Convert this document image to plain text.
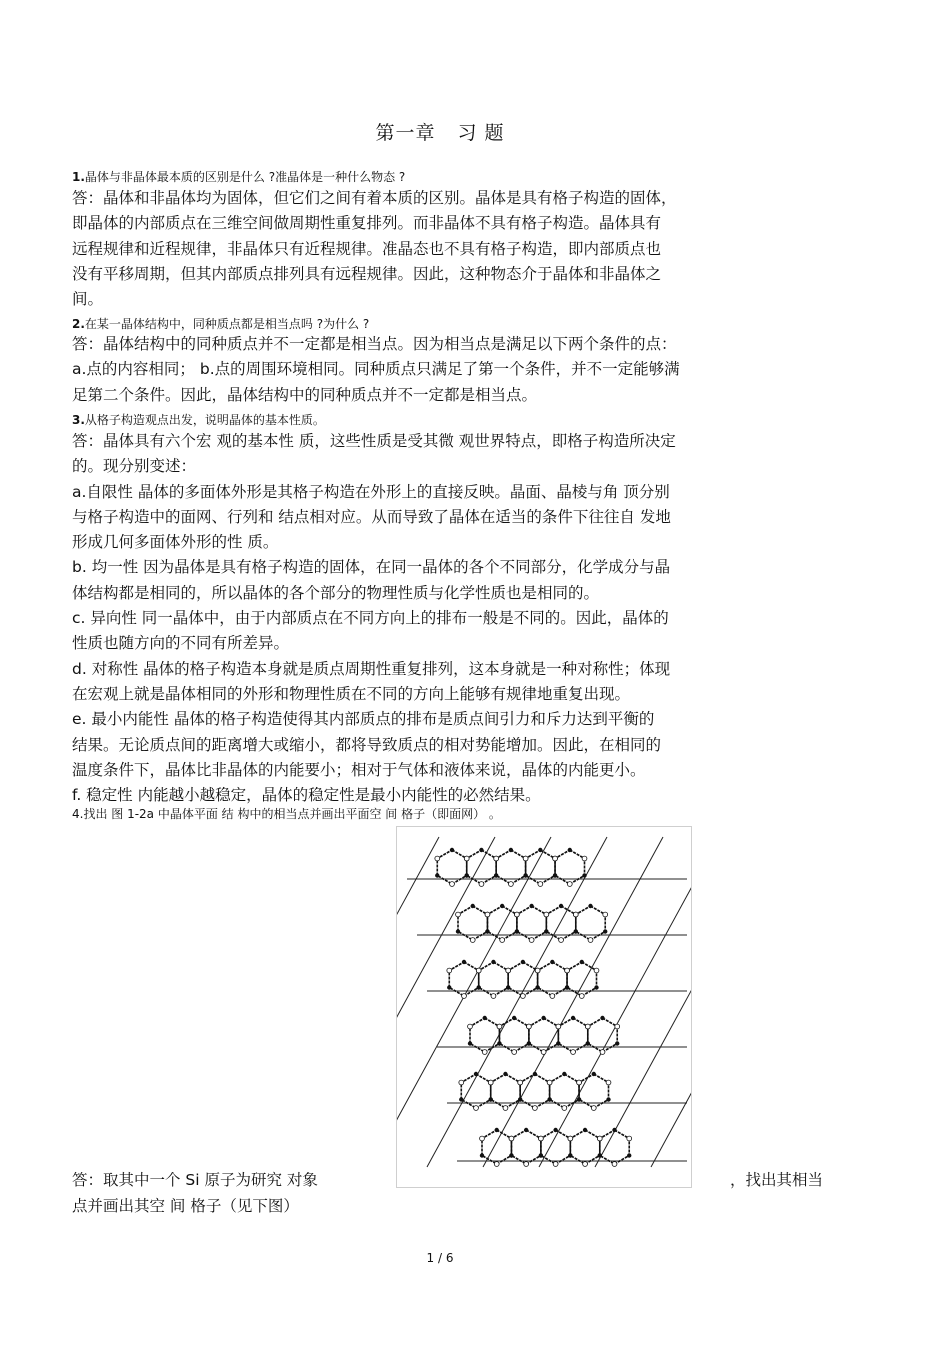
第一章 习 题
1.晶体与非晶体最本质的区别是什么 ?准晶体是一种什么物态 ?
答：晶体和非晶体均为固体，但它们之间有着本质的区别。晶体是具有格子构造的固体，
即晶体的内部质点在三维空间做周期性重复排列。而非晶体不具有格子构造。晶体具有
远程规律和近程规律，非晶体只有近程规律。准晶态也不具有格子构造，即内部质点也
没有平移周期，但其内部质点排列具有远程规律。因此，这种物态介于晶体和非晶体之
间。
2.在某一晶体结构中，同种质点都是相当点吗 ?为什么 ?
答：晶体结构中的同种质点并不一定都是相当点。因为相当点是满足以下两个条件的点：
a.点的内容相同； b.点的周围环境相同。同种质点只满足了第一个条件，并不一定能够满
足第二个条件。因此，晶体结构中的同种质点并不一定都是相当点。
3.从格子构造观点出发，说明晶体的基本性质。
答：晶体具有六个宏 观的基本性 质，这些性质是受其微 观世界特点，即格子构造所决定
的。现分别变述：
a.自限性 晶体的多面体外形是其格子构造在外形上的直接反映。晶面、晶棱与角 顶分别
与格子构造中的面网、行列和 结点相对应。从而导致了晶体在适当的条件下往往自 发地
形成几何多面体外形的性 质。
b. 均一性 因为晶体是具有格子构造的固体，在同一晶体的各个不同部分，化学成分与晶
体结构都是相同的，所以晶体的各个部分的物理性质与化学性质也是相同的。
c. 异向性 同一晶体中，由于内部质点在不同方向上的排布一般是不同的。因此，晶体的
性质也随方向的不同有所差异。
d. 对称性 晶体的格子构造本身就是质点周期性重复排列，这本身就是一种对称性；体现
在宏观上就是晶体相同的外形和物理性质在不同的方向上能够有规律地重复出现。
e. 最小内能性 晶体的格子构造使得其内部质点的排布是质点间引力和斥力达到平衡的
结果。无论质点间的距离增大或缩小，都将导致质点的相对势能增加。因此，在相同的
温度条件下，晶体比非晶体的内能要小；相对于气体和液体来说，晶体的内能更小。
f. 稳定性 内能越小越稳定，晶体的稳定性是最小内能性的必然结果。
4.找出 图 1-2a 中晶体平面 结 构中的相当点并画出平面空 间 格子（即面网） 。
答：取其中一个 Si 原子为研究 对象	，找出其相当
点并画出其空 间 格子（见下图）
1 / 6
